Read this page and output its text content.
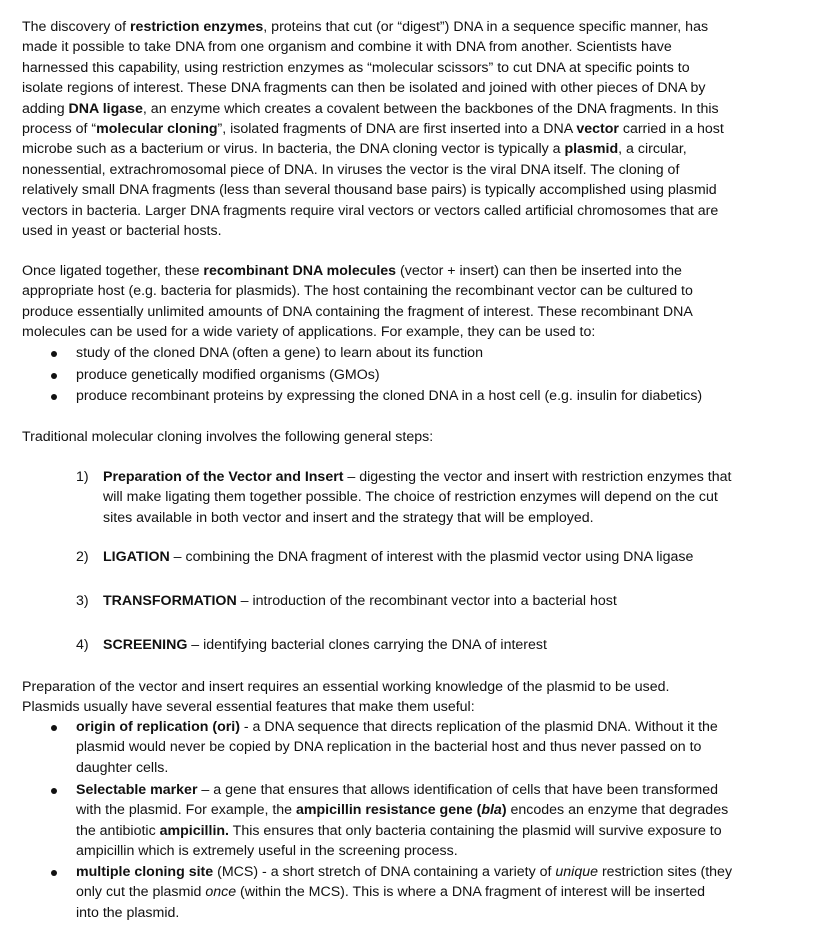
The discovery of restriction enzymes, proteins that cut (or “digest”) DNA in a sequence specific manner, has
made it possible to take DNA from one organism and combine it with DNA from another. Scientists have
harnessed this capability, using restriction enzymes as “molecular scissors” to cut DNA at specific points to
isolate regions of interest. These DNA fragments can then be isolated and joined with other pieces of DNA by
adding DNA ligase, an enzyme which creates a covalent between the backbones of the DNA fragments. In this
process of “molecular cloning”, isolated fragments of DNA are first inserted into a DNA vector carried in a host
microbe such as a bacterium or virus. In bacteria, the DNA cloning vector is typically a plasmid, a circular,
nonessential, extrachromosomal piece of DNA. In viruses the vector is the viral DNA itself. The cloning of
relatively small DNA fragments (less than several thousand base pairs) is typically accomplished using plasmid
vectors in bacteria. Larger DNA fragments require viral vectors or vectors called artificial chromosomes that are
used in yeast or bacterial hosts.
Once ligated together, these recombinant DNA molecules (vector + insert) can then be inserted into the
appropriate host (e.g. bacteria for plasmids). The host containing the recombinant vector can be cultured to
produce essentially unlimited amounts of DNA containing the fragment of interest. These recombinant DNA
molecules can be used for a wide variety of applications. For example, they can be used to:
study of the cloned DNA (often a gene) to learn about its function
produce genetically modified organisms (GMOs)
produce recombinant proteins by expressing the cloned DNA in a host cell (e.g. insulin for diabetics)
Traditional molecular cloning involves the following general steps:
1) Preparation of the Vector and Insert – digesting the vector and insert with restriction enzymes that
will make ligating them together possible. The choice of restriction enzymes will depend on the cut
sites available in both vector and insert and the strategy that will be employed.
2) LIGATION – combining the DNA fragment of interest with the plasmid vector using DNA ligase
3) TRANSFORMATION – introduction of the recombinant vector into a bacterial host
4) SCREENING – identifying bacterial clones carrying the DNA of interest
Preparation of the vector and insert requires an essential working knowledge of the plasmid to be used.
Plasmids usually have several essential features that make them useful:
origin of replication (ori) - a DNA sequence that directs replication of the plasmid DNA. Without it the
plasmid would never be copied by DNA replication in the bacterial host and thus never passed on to
daughter cells.
Selectable marker – a gene that ensures that allows identification of cells that have been transformed
with the plasmid. For example, the ampicillin resistance gene (bla) encodes an enzyme that degrades
the antibiotic ampicillin. This ensures that only bacteria containing the plasmid will survive exposure to
ampicillin which is extremely useful in the screening process.
multiple cloning site (MCS) - a short stretch of DNA containing a variety of unique restriction sites (they
only cut the plasmid once (within the MCS). This is where a DNA fragment of interest will be inserted
into the plasmid.
